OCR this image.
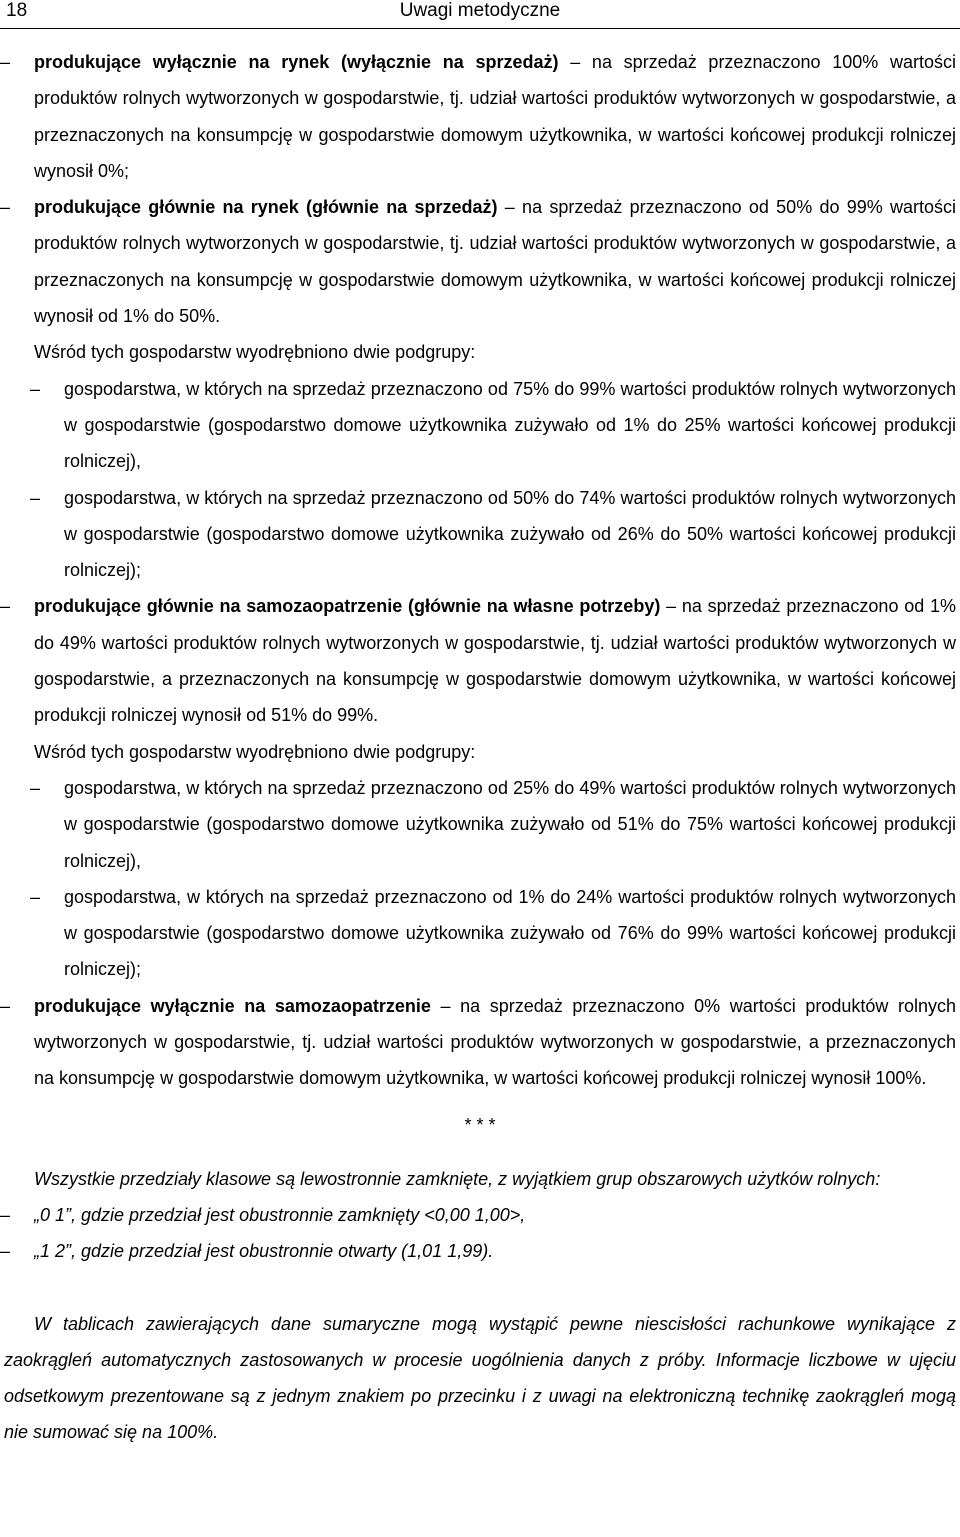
18	Uwagi metodyczne
– produkujące wyłącznie na rynek (wyłącznie na sprzedaż) – na sprzedaż przeznaczono 100% wartości produktów rolnych wytworzonych w gospodarstwie, tj. udział wartości produktów wytworzonych w gospodarstwie, a przeznaczonych na konsumpcję w gospodarstwie domowym użytkownika, w wartości końcowej produkcji rolniczej wynosił 0%;
– produkujące głównie na rynek (głównie na sprzedaż) – na sprzedaż przeznaczono od 50% do 99% wartości produktów rolnych wytworzonych w gospodarstwie, tj. udział wartości produktów wytworzonych w gospodarstwie, a przeznaczonych na konsumpcję w gospodarstwie domowym użytkownika, w wartości końcowej produkcji rolniczej wynosił od 1% do 50%.
Wśród tych gospodarstw wyodrębniono dwie podgrupy:
– gospodarstwa, w których na sprzedaż przeznaczono od 75% do 99% wartości produktów rolnych wytworzonych w gospodarstwie (gospodarstwo domowe użytkownika zużywało od 1% do 25% wartości końcowej produkcji rolniczej),
– gospodarstwa, w których na sprzedaż przeznaczono od 50% do 74% wartości produktów rolnych wytworzonych w gospodarstwie (gospodarstwo domowe użytkownika zużywało od 26% do 50% wartości końcowej produkcji rolniczej);
– produkujące głównie na samozaopatrzenie (głównie na własne potrzeby) – na sprzedaż przeznaczono od 1% do 49% wartości produktów rolnych wytworzonych w gospodarstwie, tj. udział wartości produktów wytworzonych w gospodarstwie, a przeznaczonych na konsumpcję w gospodarstwie domowym użytkownika, w wartości końcowej produkcji rolniczej wynosił od 51% do 99%.
Wśród tych gospodarstw wyodrębniono dwie podgrupy:
– gospodarstwa, w których na sprzedaż przeznaczono od 25% do 49% wartości produktów rolnych wytworzonych w gospodarstwie (gospodarstwo domowe użytkownika zużywało od 51% do 75% wartości końcowej produkcji rolniczej),
– gospodarstwa, w których na sprzedaż przeznaczono od 1% do 24% wartości produktów rolnych wytworzonych w gospodarstwie (gospodarstwo domowe użytkownika zużywało od 76% do 99% wartości końcowej produkcji rolniczej);
– produkujące wyłącznie na samozaopatrzenie – na sprzedaż przeznaczono 0% wartości produktów rolnych wytworzonych w gospodarstwie, tj. udział wartości produktów wytworzonych w gospodarstwie, a przeznaczonych na konsumpcję w gospodarstwie domowym użytkownika, w wartości końcowej produkcji rolniczej wynosił 100%.
* * *
Wszystkie przedziały klasowe są lewostronnie zamknięte, z wyjątkiem grup obszarowych użytków rolnych:
– „0 1”, gdzie przedział jest obustronnie zamknięty <0,00 1,00>,
– „1 2”, gdzie przedział jest obustronnie otwarty (1,01 1,99).
W tablicach zawierających dane sumaryczne mogą wystąpić pewne niescisłości rachunkowe wynikające z zaokrągleń automatycznych zastosowanych w procesie uogólnienia danych z próby. Informacje liczbowe w ujęciu odsetkowym prezentowane są z jednym znakiem po przecinku i z uwagi na elektroniczną technikę zaokrągleń mogą nie sumować się na 100%.
